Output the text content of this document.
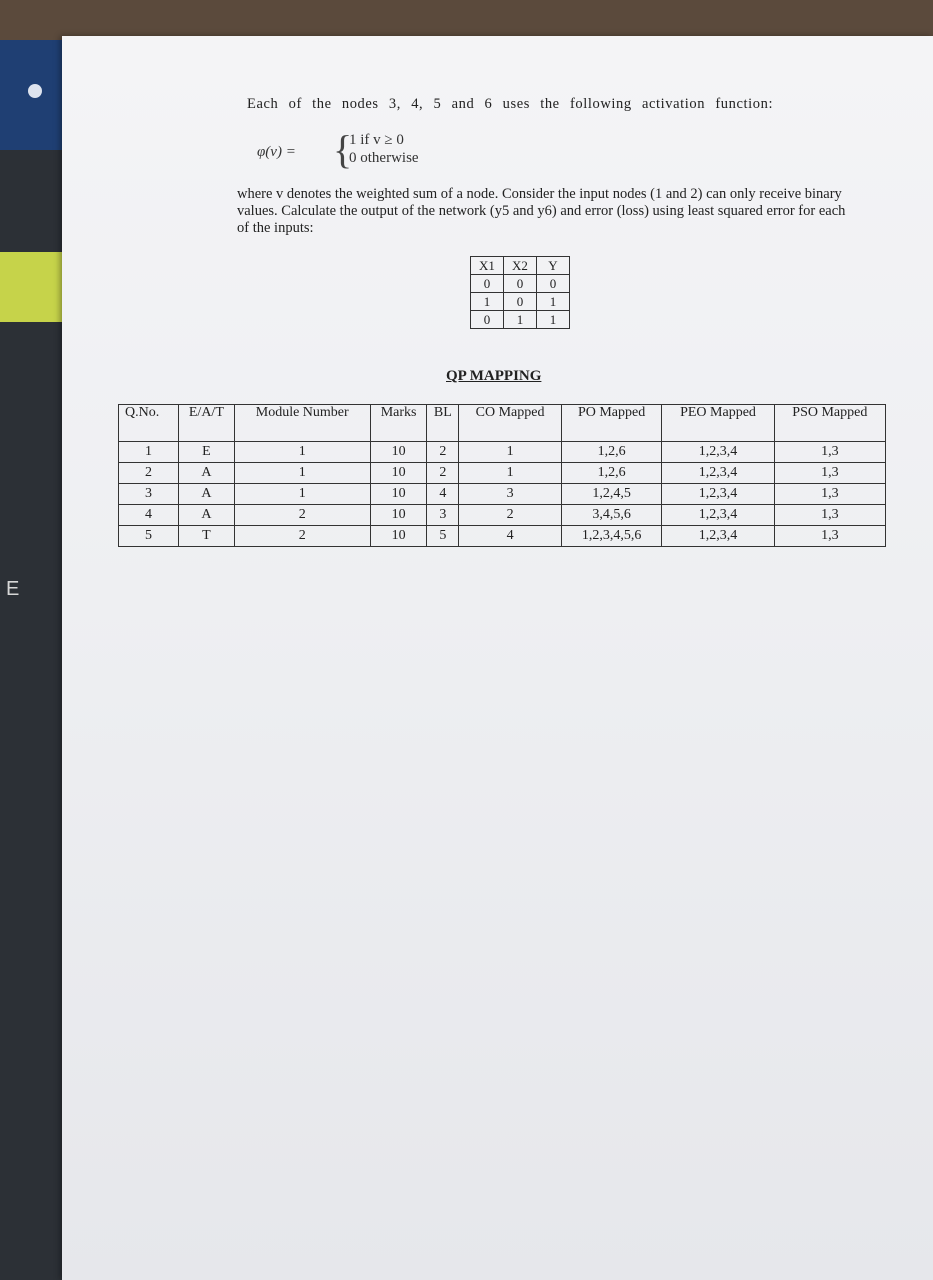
E
Each of the nodes 3, 4, 5 and 6 uses the following activation function:
φ(v) = {
1 if v ≥ 0
0 otherwise
where v denotes the weighted sum of a node. Consider the input nodes (1 and 2) can only receive binary values. Calculate the output of the network (y5 and y6) and error (loss) using least squared error for each of the inputs:
X1	X2	Y
0	0	0
1	0	1
0	1	1
QP MAPPING
Q.No.	E/A/T	Module Number	Marks	BL	CO Mapped	PO Mapped	PEO Mapped	PSO Mapped
1	E	1	10	2	1	1,2,6	1,2,3,4	1,3
2	A	1	10	2	1	1,2,6	1,2,3,4	1,3
3	A	1	10	4	3	1,2,4,5	1,2,3,4	1,3
4	A	2	10	3	2	3,4,5,6	1,2,3,4	1,3
5	T	2	10	5	4	1,2,3,4,5,6	1,2,3,4	1,3
